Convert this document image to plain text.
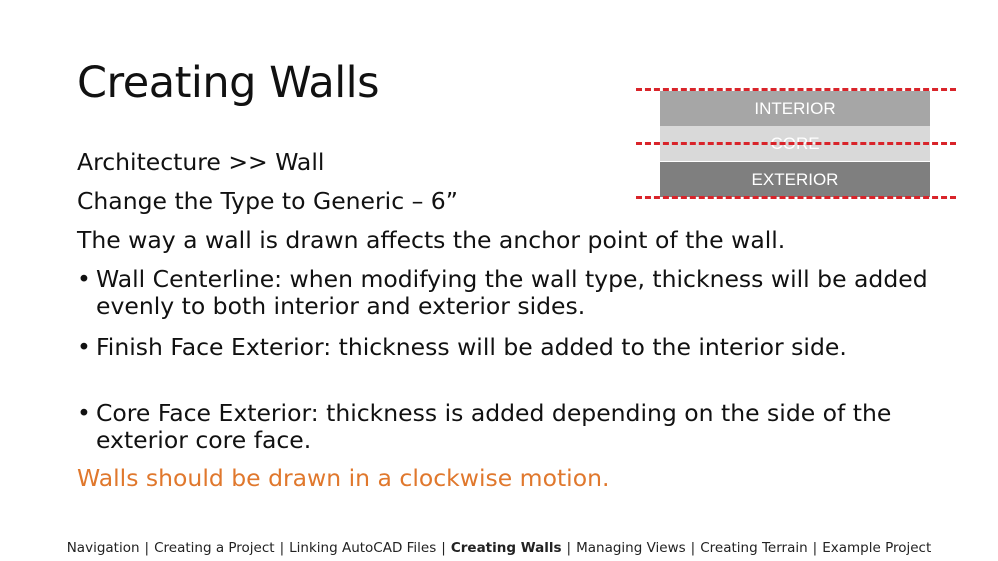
Creating Walls
Architecture >> Wall
Change the Type to Generic – 6”
The way a wall is drawn affects the anchor point of the wall.
• Wall Centerline: when modifying the wall type, thickness will be added evenly to both interior and exterior sides.
• Finish Face Exterior: thickness will be added to the interior side.
• Core Face Exterior: thickness is added depending on the side of the exterior core face.
Walls should be drawn in a clockwise motion.
INTERIOR
CORE
EXTERIOR
Navigation | Creating a Project | Linking AutoCAD Files | Creating Walls | Managing Views | Creating Terrain | Example Project
